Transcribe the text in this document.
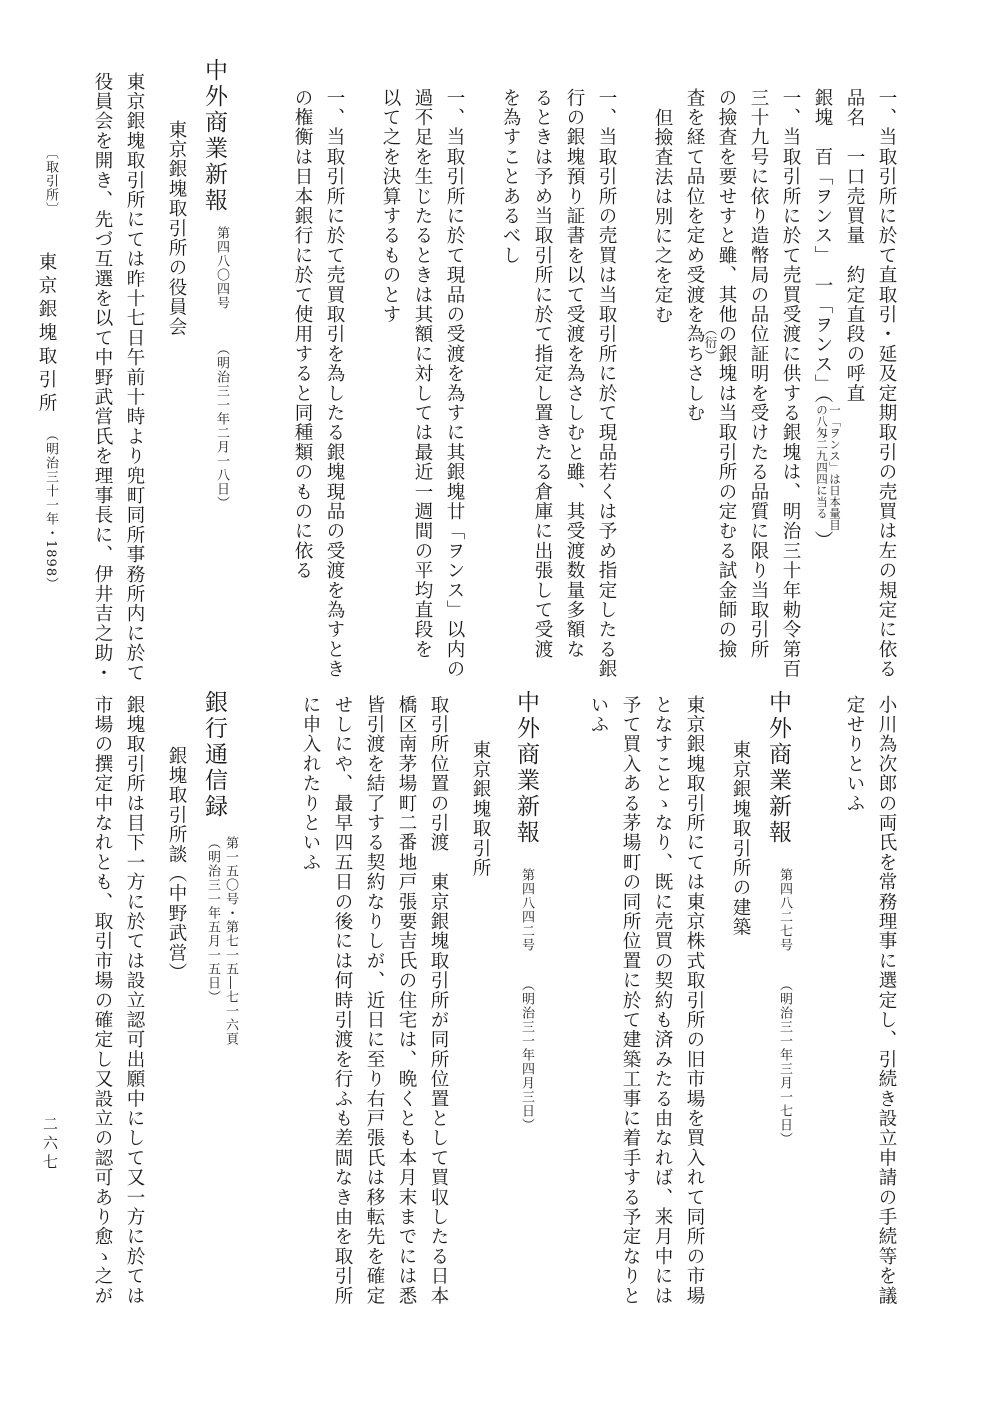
一、当取引所に於て直取引・延及定期取引の売買は左の規定に依る
品名　一口売買量　約定直段の呼直
銀塊　百「ヲンス」　一「ヲンス」（一「ヲンス」は日本量目
の八匁二九四四に当る）
一、当取引所に於て売買受渡に供する銀塊は、明治三十年勅令第百
三十九号に依り造幣局の品位証明を受けたる品質に限り当取引所
の撿査を要せすと雖、其他の銀塊は当取引所の定むる試金師の撿
（衍）
査を経て品位を定め受渡を為ちさしむ
但撿査法は別に之を定む
一、当取引所の売買は当取引所に於て現品若くは予め指定したる銀
行の銀塊預り証書を以て受渡を為さしむと雖、其受渡数量多額な
るときは予め当取引所に於て指定し置きたる倉庫に出張して受渡
を為すことあるべし
一、当取引所に於て現品の受渡を為すに其銀塊廿「ヲンス」以内の
過不足を生じたるときは其額に対しては最近一週間の平均直段を
以て之を決算するものとす
一、当取引所に於て売買取引を為したる銀塊現品の受渡を為すとき
の権衡は日本銀行に於て使用すると同種類のものに依る
中外商業新報
第四八〇四号
（明治三一年二月一八日）
東京銀塊取引所の役員会
東京銀塊取引所にては昨十七日午前十時より兜町同所事務所内に於て
役員会を開き、先づ互選を以て中野武営氏を理事長に、伊井吉之助・
〔取引所〕
東京銀塊取引所
（明治三十一年・1898）
二六七	小川為次郎の両氏を常務理事に選定し、引続き設立申請の手続等を議
定せりといふ
中外商業新報
第四八二七号
（明治三一年三月一七日）
東京銀塊取引所の建築
東京銀塊取引所にては東京株式取引所の旧市場を買入れて同所の市場
となすことゝなり、既に売買の契約も済みたる由なれば、来月中には
予て買入ある茅場町の同所位置に於て建築工事に着手する予定なりと
いふ
中外商業新報
第四八四二号
（明治三一年四月三日）
東京銀塊取引所
取引所位置の引渡　東京銀塊取引所が同所位置として買収したる日本
橋区南茅場町二番地戸張要吉氏の住宅は、晩くとも本月末までには悉
皆引渡を結了する契約なりしが、近日に至り右戸張氏は移転先を確定
せしにや、最早四五日の後には何時引渡を行ふも差閊なき由を取引所
に申入れたりといふ
銀行通信録
第一五〇号・第七一五―七一六頁
（明治三一年五月一五日）
銀塊取引所談（中野武営）
銀塊取引所は目下一方に於ては設立認可出願中にして又一方に於ては
市場の撰定中なれとも、取引市場の確定し又設立の認可あり愈ゝ之が
